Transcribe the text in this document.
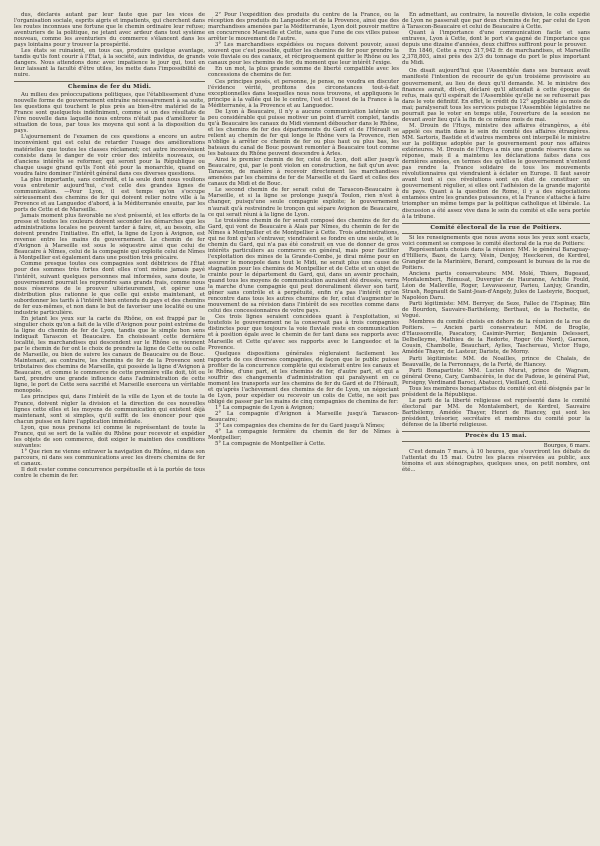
dus, déclarés autant par leur faute que par les vices de l'organisation sociale, esprits aigris et impatients, qui cherchent dans les routes inconnues une fortune que le chemin ordinaire leur refuse; aventuriers de la politique, ne jetant avec ardeur dans tout système nouveau, comme les aventuriers du commerce s'élancent dans les pays lointains pour y trouver la prospérité.

Les états se ruinaient, en tous cas, produire quelque avantage, tandis qu'ils font courir à l'État, à la société, aux individus, de grands dangers. Nous attendons donc avec impatience le jour qui, tout en leur laissant la faculté d'être utiles, les mette dans l'impossibilité de nuire.

Chemins de fer du Midi.

Au milieu des préoccupations politiques, que l'établissement d'une nouvelle forme de gouvernement entraîne nécessairement à sa suite, les questions qui touchent le plus près au bien-être matériel de la France sont quelquefois indéfiniment, comme si un des résultats de l'ère nouvelle dans laquelle nous entrons n'était pas d'améliorer la situation de tous, par tous les moyens qui sont à la disposition du pays.

L'ajournement de l'examen de ces questions a encore un autre inconvénient qui est celui de retarder l'usage des améliorations matérielles que toutes les classes réclament; cet autre inconvénient consiste dans le danger de voir créer des intérêts nouveaux, ou d'anciens intérêts se reformer, qui seront pour la République ou chaque usage grand qu'ils l'ont été pour la monarchie, quand on voudra faire dominer l'intérêt général dans ces diverses questions.

La plus importante, sans contredit, et la seule dont nous voulions vous entretenir aujourd'hui, c'est celle des grandes lignes de communication. —Pour Lyon, il est temps qu'on s'occupe sérieusement des chemins de fer qui doivent relier notre ville à la Provence et au Languedoc d'abord, à la Méditerranée ensuite, par les ports de Cette et de Marseille.

Jamais moment plus favorable ne s'est présenté, et les efforts de la presse et toutes les couleurs doivent seconder les démarches que les administrations locales ne peuvent tarder à faire, et, au besoin, elle doivent prendre l'initiative. En effet, la ligne de Lyon à Avignon, est revenue entre les mains du gouvernement. Le chemin de fer d'Avignon à Marseille est sous le séquestre ainsi que celui de Beaucaire à Nîmes, celui de la compagnie qui exploite celui de Nîmes à Montpellier est également dans une position très précaire.

Comme presque toutes ces compagnies sont débitrices de l'État pour des sommes très fortes dont elles n'ont même jamais payé l'intérêt, suivant quelques personnes mal informées, sans doute, le gouvernement pourrait les reprendre sans grands frais, comme nous nous réservons de le prouver ultérieurement, et opérer une distribution plus rationne le que celle qui existe maintenant, et subordonner les tarifs à l'intérêt bien entendu du pays et des chemins de fer eux-mêmes, et non dans le but de favoriser une localité ou une industrie particulière.

En jetant les yeux sur la carte du Rhône, on est frappé par le singulier choix qu'on a fait de la ville d'Avignon pour point extrême de la ligne du chemin de fer de Lyon, tandis que le simple bon sens indiquait Tarascon et Beaucaire. En choisissant cette dernière localité, les marchandises qui descendent sur le Rhône ou viennent par le chemin de fer ont le choix de prendre la ligne de Cette ou celle de Marseille, ou bien de suivre les canaux de Beaucaire ou de Bouc. Maintenant, au contraire, les chemins de fer de la Provence sont tributaires des chemins de Marseille, qui possède la ligne d'Avignon à Beaucaire, et comme le commerce de cette première ville doit, tôt ou tard, prendre une grande influence dans l'administration de cette ligne, le port de Cette sera sacrifié et Marseille exercera un véritable monopole.

Les principes qui, dans l'intérêt de la ville de Lyon et de toute la France, doivent régler la division et la direction de ces nouvelles lignes cette elles et les moyens de communication qui existent déjà maintenant, sont si simples, qu'il suffit de les énoncer pour que chacun puisse en faire l'application immédiate.

Lyon, que nous prenons ici comme le représentant de toute la France, qui se sert de la vallée du Rhône pour recevoir et expédier les objets de son commerce, doit exiger le maintien des conditions suivantes:

1° Que rien ne vienne entraver la navigation du Rhône, ni dans son parcours, ni dans ses communications avec les divers chemins de fer et canaux.

Il doit rester comme concurrence perpétuelle et à la portée de tous contre le chemin de fer.

2° Pour l'expédition des produits du centre de la France, ou la réception des produits du Languedoc et de la Provence, ainsi que des marchandises amenées par la Méditerranée, Lyon doit pouvoir mettre en concurrence Marseille et Cette, sans que l'une de ces villes puisse arrêter le mouvement de l'autre.

3° Les marchandises expédiées ou reçues doivent pouvoir, aussi souvent que c'est possible, quitter les chemins de fer pour prendre la voie fluviale ou des canaux, et réciproquement quitter le Rhône ou les canaux pour les chemins de fer, du moment que leur intérêt l'exige.

En un mot, la plus grande somme de liberté compatible avec les concessions de chemins de fer.

Ces principes posés, et personne, je pense, ne voudra en discuter l'évidence vérité, profitons des circonstances tout-à-fait exceptionnelles dans lesquelles nous nous trouvons, et appliquons le principe à la vallée qui lie le centre, l'est et l'ouest de la France à la Méditerranée, à la Provence et au Languedoc.

De Lyon à Beaucaire, il n'y a aucune communication latérale un peu considérable qui puisse motiver un point d'arrêt complet, tandis qu'à Beaucaire les canaux du Midi viennent déboucher dans le Rhône, et les chemins de fer des départements du Gard et de l'Hérault se relient au chemin de fer qui longe le Rhône vers la Provence, rien n'oblige à arrêter ce chemin de fer ou plus haut ou plus bas, les bateaux du canal de Bouc pouvant remonter à Beaucaire tout comme les bateaux du Rhône peuvent descendre à Arles.

Ainsi le premier chemin de fer, celui de Lyon, doit aller jusqu'à Beaucaire, qui, par le pont violon en construction, ne fait qu'un avec Tarascon, de manière à recevoir directement les marchandises amenées par les chemins de fer de Marseille et du Gard et celles des canaux du Midi et de Bouc.

Le second chemin de fer serait celui de Tarascon-Beaucaire à Marseille, et si la ligne se prolonge jusqu'à Toulon, rien n'est à changer, puisqu'une seule compagnie exploite; le gouvernement n'aurait qu'à restreindre le tronçon qui sépare Avignon de Beaucaire, ce qui serait réuni à la ligne de Lyon.

Le troisième chemin de fer serait composé des chemins de fer du Gard, qui vont de Beaucaire à Alais par Nîmes, du chemin de fer de Nîmes à Montpellier et de Montpellier à Cette. Trois administrations, qui ne font qu'un s'entraver, viendraient se fondre en une seule, et le chemin du Gard, qui n'a pas été construit en vue de donner de gros intérêts particuliers au commerce en général, mais pour faciliter l'exploitation des mines de la Grande-Combe, je dirai même pour en assurer le monopole dans tout le Midi, ne serait plus une cause de stagnation pour les chemins de Montpellier et de Cette et un objet de crainte pour le département du Gard, qui, dans un avenir prochain, quand tous les moyens de communication auraient été dressés, verra la marche d'une compagnie qui peut doreraliment élever son tarif, gêner sans contrôle et à perpétuité, enfin n'a pas l'intérêt qu'on rencontre dans tous les autres chemins de fer, celui d'augmenter le mouvement de sa révision dans l'intérêt de ses recettes comme dans celui des concessionnaires de votre pays.

Ces trois lignes seraient concédées quant à l'exploitation, si toutefois le gouvernement ne la conservait pas à trois compagnies distinctes pour que toujours la voie fluviale reste en communication et à position égale avec le chemin de fer tant dans ses rapports avec Marseille et Cette qu'avec ses rapports avec le Languedoc et la Provence.

Quelques dispositions générales régleraient facilement les rapports de ces diverses compagnies, de façon que le public puisse profiter de la concurrence complète qui existerait entre les canaux et le Rhône, d'une part, et les chemins de fer, d'autre part, et qui a souffrir des changements d'administration qui paralysent en ce moment les transports sur les chemins de fer du Gard et de l'Hérault, et qu'après l'achèvement des chemins de fer de Lyon, un négociant de Lyon, pour expédier ou recevoir un colis de Cette, ne soit pas obligé de passer par les mains de cinq compagnies de chemins de fer:

1° La compagnie de Lyon à Avignon;

2° La compagnie d'Avignon à Marseille jusqu'à Tarascon-Beaucaire;

3° Les compagnies des chemins de fer du Gard jusqu'à Nîmes;

4° La compagnie fermière du chemin de fer de Nîmes à Montpellier;

5° La compagnie de Montpellier à Cette.

En admettant, au contraire, la nouvelle division, le colis expédié de Lyon ne passerait que par deux chemins de fer, par celui de Lyon à Tarascon-Beaucaire et celui de Beaucaire à Cette.

Quant à l'importance d'une communication facile et sans entraves, Lyon à Cette, dont le port s'a gagné de l'importance que depuis une dizaine d'années, deux chiffres suffiront pour le prouver.

En 1846, Cette a reçu 317,942 fr. de marchandises, et Marseille 2,378,803, ainsi près des 2/3 du tonnage du port le plus important du Midi.

On disait aujourd'hui que l'Assemblée dans ses bureaux avait manifesté l'intention de recourir de qu'un troisième provisoire au gouvernement, au lieu de deux qu'il demande. M. le ministre des finances aurait, dit-on, déclaré qu'il attendait à cette époque de refus, mais qu'il espérait de l'Assemblée qu'elle ne se refuserait pas dans le vote définitif. En effet, le crédit du 12° applicable au mois de mai; paralyserait tous les services puisque l'Assemblée législative ne pourrait pas le voter en temps utile, l'ouverture de la session ne devant avoir lieu qu'à la fin de ce même mois de mai.

M. Drouin de l'Huys, ministre des affaires étrangères, a été appelé ces matin dans le sein du comité des affaires étrangères. MM. Sartoris, Bastide et d'autres membres ont interpellé le ministre sur la politique adoptée par le gouvernement pour nos affaires extérieures. M. Drouin de l'Huys a mis une grande réserve dans sa réponse, mais il a maintenu les déclarations faites dans ces dernières années, en termes des qu'elles le gouvernement n'entend pas rendre la France solidaire de tous les mouvements révolutionnaires qui viendraient à éclater en Europe. Il faut savoir avant tout si ces révolutions sont en état de constituer un gouvernement régulier, si elles ont l'adhésion de la grande majorité du pays. Quant à la question de Rome, il y a des négociations entamées entre les grandes puissances, et la France s'attache à faire triompher un même temps par la politique catholique et libérale. La discussion a été assez vive dans le sein du comité et elle sera portée à la tribune.

Comité électoral de la rue de Poitiers.

Si les renseignements que nous avons sous les yeux sont exacts, voici comment se compose le comité électoral de la rue de Poitiers:

Représentants choisis dans la réunion: MM. le général Baraguay-d'Hilliers, Baze, de Larcy, Vésin, Denjoy, Heeckeren, de Kerdrel, Grangier de la Marinière, Berard, composant le bureau de la rue de Poitiers.

Anciens partis conservateurs: MM. Molé, Thiers, Bugeaud, Montalembert, Rémusat, Duvergier de Hauranne, Achille Fould, Léon de Malleville, Roger, Levavasseur, Parieu, Lanjuy, Grandin, Strash, Regnault de Saint-Jean-d'Angely, Jules de Lasteyrie, Bocquet, Napoléon Daru.

Parti légitimiste: MM. Berryer, de Seze, Fallec de l'Espinay, Blin de Bourdon, Sauvaire-Barthélemy, Berthaut, de la Rochette, de Vogué.

Membres du comité choisis en dehors de la réunion de la rue de Poitiers. — Ancien parti conservateur: MM. de Broglie, d'Haussonville, Pascatory, Casimir-Perrier, Benjamin Delessert, Delbelleyme, Mathieu de la Redorte, Roger (du Nord), Garnon, Cousin, Chambolle, Beauchart, Aylies, Taschereau, Victor Hugo, Amédée Thayer, de Lasteur, Dariste, de Morny.

Parti légitimiste: MM. de Noailles, prince de Chalais, de Beauvaille, de la Ferronnays, de la Ferté, de Riancey.

Parti Bonapartiste: MM. Lucien Murat, prince de Wagram, général Oreno, Cary, Cambacérès, le duc de Padoue, le général Piat, Persigny, Verdinand Baroci, Abatucci, Vieillard, Conti.

Tous les membres bonapartistes du comité ont été désignés par le président de la République.

Le parti de la liberté religieuse est représenté dans le comité électoral par MM. de Montalembert, de Kerdrel, Sauvaire Barthélemy, Amédée Thayer, Henri de Riancey, qui sont les président, trésorier, secrétaire et membres du comité pour la défense de la liberté religieuse.

Procès du 15 mai.

Bourges, 6 mars.

C'est demain 7 mars, à 10 heures, que s'ouvriront les débats de l'attentat du 15 mai. Outre les places réservées au public, aux témoins et aux sténographes, quelques unes, on petit nombre, ont été...
